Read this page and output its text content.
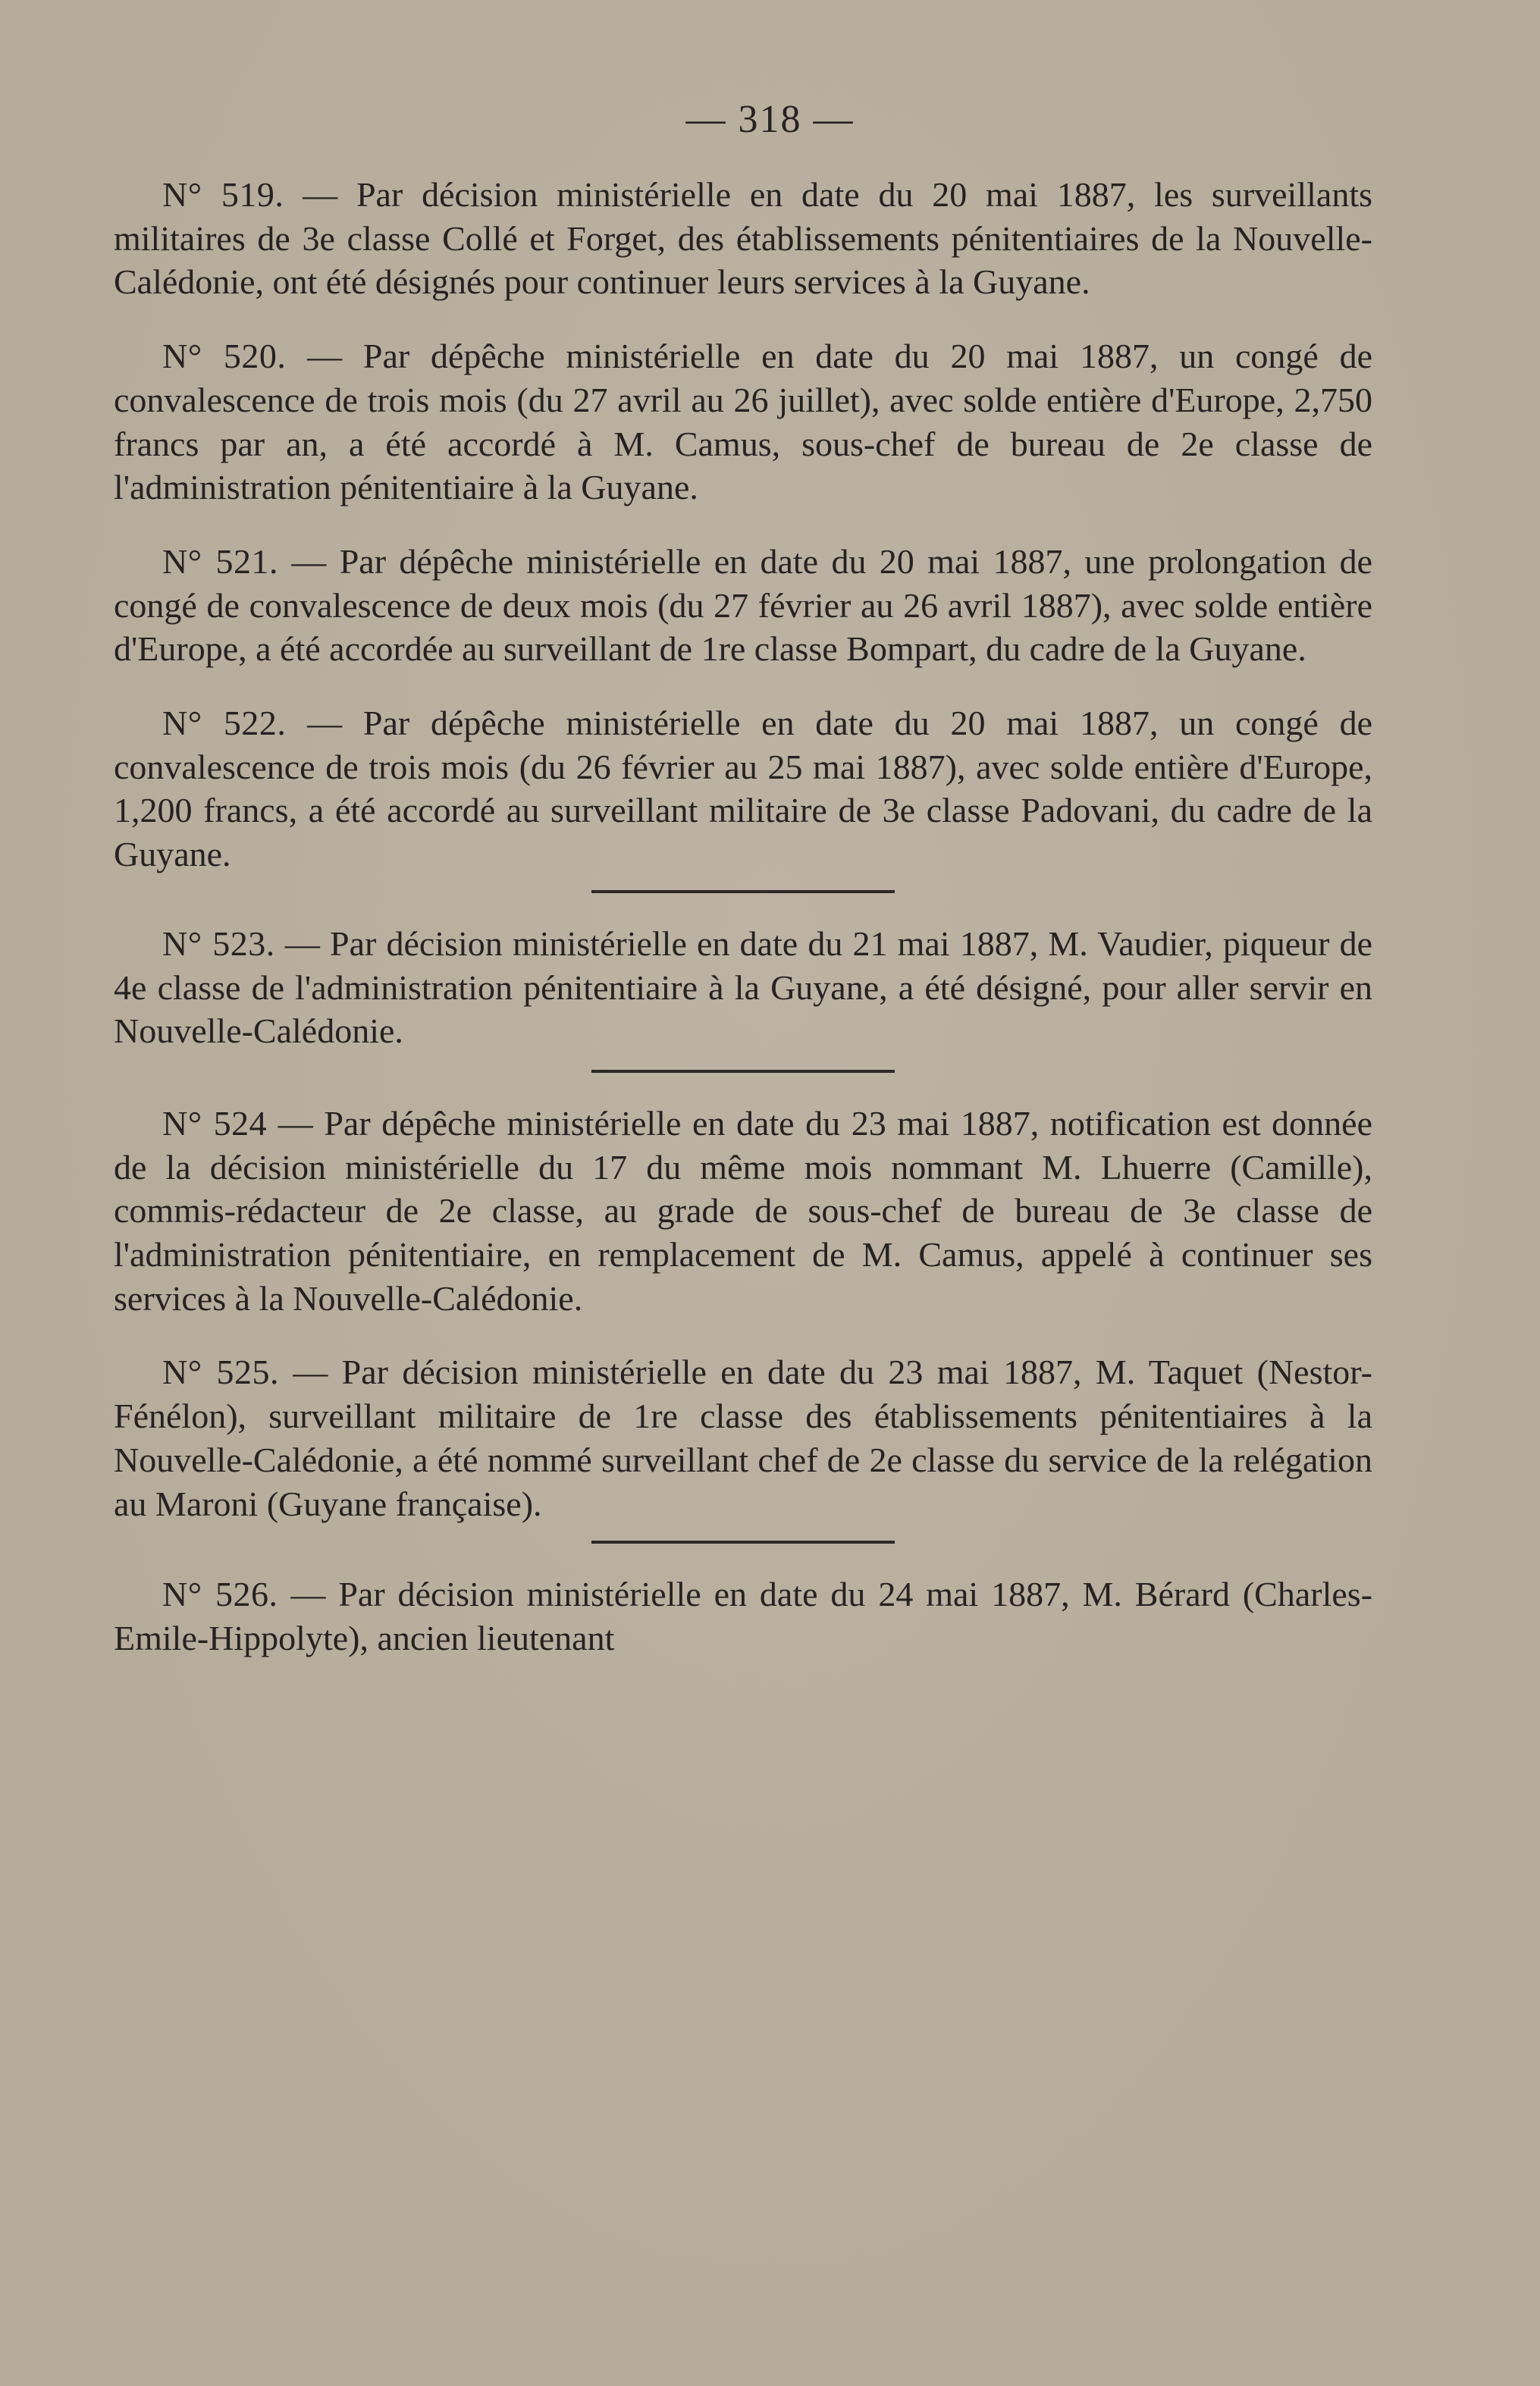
— 318 —

N° 519. — Par décision ministérielle en date du 20 mai 1887, les surveillants militaires de 3e classe Collé et Forget, des établissements pénitentiaires de la Nouvelle-Calédonie, ont été désignés pour continuer leurs services à la Guyane.

N° 520. — Par dépêche ministérielle en date du 20 mai 1887, un congé de convalescence de trois mois (du 27 avril au 26 juillet), avec solde entière d'Europe, 2,750 francs par an, a été accordé à M. Camus, sous-chef de bureau de 2e classe de l'administration pénitentiaire à la Guyane.

N° 521. — Par dépêche ministérielle en date du 20 mai 1887, une prolongation de congé de convalescence de deux mois (du 27 février au 26 avril 1887), avec solde entière d'Europe, a été accordée au surveillant de 1re classe Bompart, du cadre de la Guyane.

N° 522. — Par dépêche ministérielle en date du 20 mai 1887, un congé de convalescence de trois mois (du 26 février au 25 mai 1887), avec solde entière d'Europe, 1,200 francs, a été accordé au surveillant militaire de 3e classe Padovani, du cadre de la Guyane.

N° 523. — Par décision ministérielle en date du 21 mai 1887, M. Vaudier, piqueur de 4e classe de l'administration pénitentiaire à la Guyane, a été désigné, pour aller servir en Nouvelle-Calédonie.

N° 524 — Par dépêche ministérielle en date du 23 mai 1887, notification est donnée de la décision ministérielle du 17 du même mois nommant M. Lhuerre (Camille), commis-rédacteur de 2e classe, au grade de sous-chef de bureau de 3e classe de l'administration pénitentiaire, en remplacement de M. Camus, appelé à continuer ses services à la Nouvelle-Calédonie.

N° 525. — Par décision ministérielle en date du 23 mai 1887, M. Taquet (Nestor-Fénélon), surveillant militaire de 1re classe des établissements pénitentiaires à la Nouvelle-Calédonie, a été nommé surveillant chef de 2e classe du service de la relégation au Maroni (Guyane française).

N° 526. — Par décision ministérielle en date du 24 mai 1887, M. Bérard (Charles-Emile-Hippolyte), ancien lieutenant
